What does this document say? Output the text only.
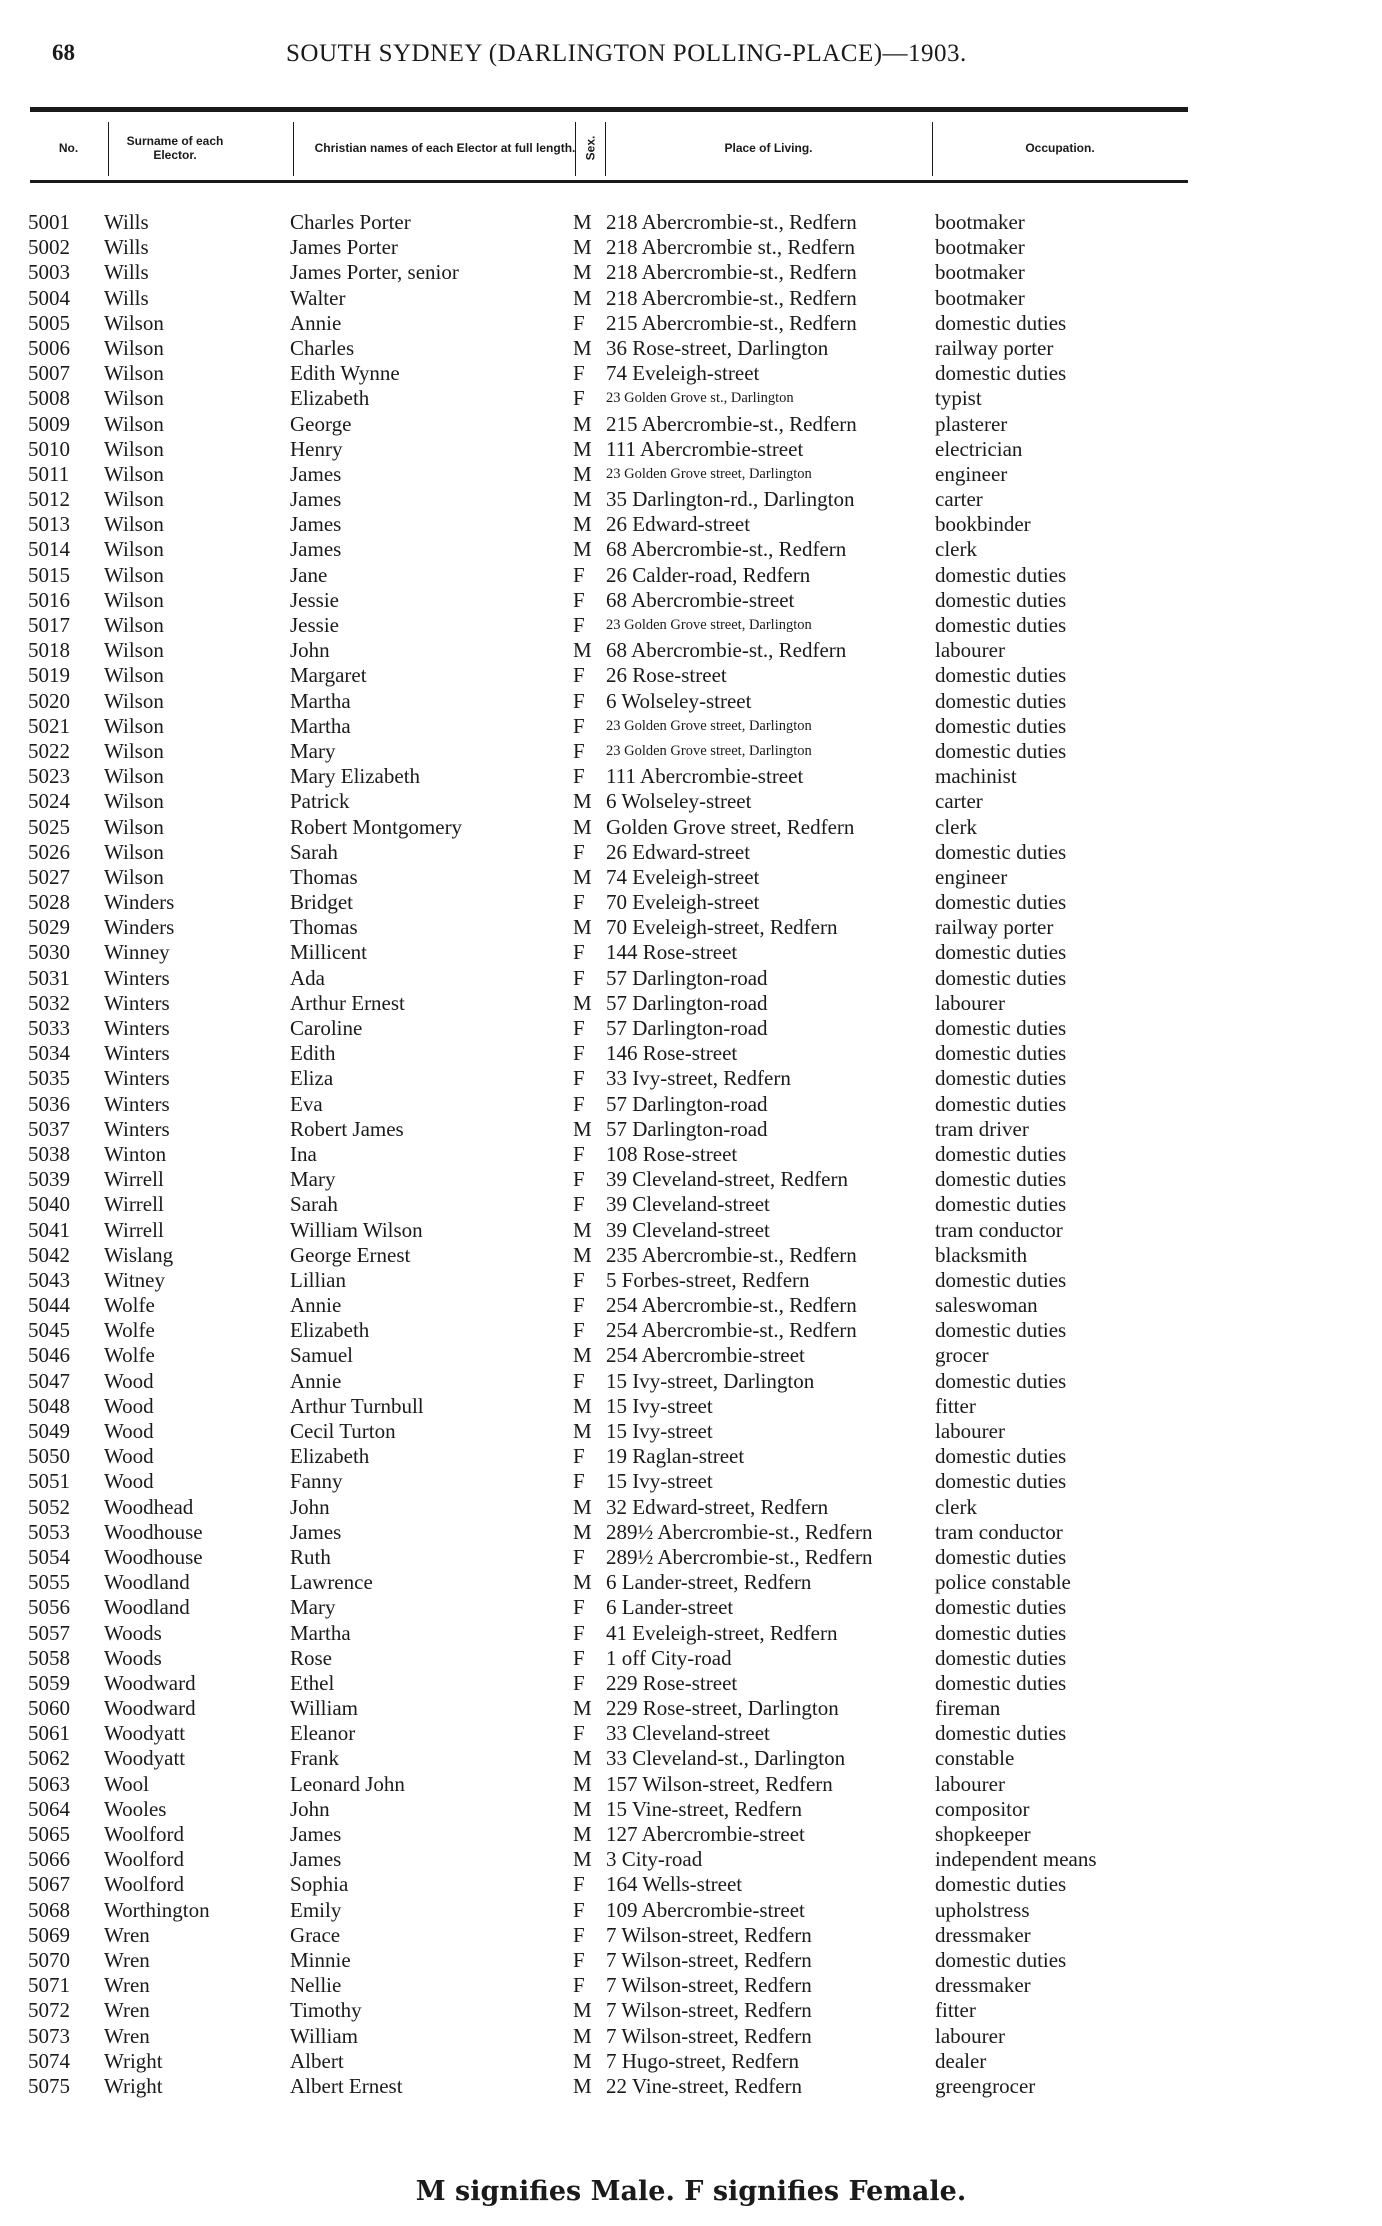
68	SOUTH SYDNEY (DARLINGTON POLLING-PLACE)—1903.
No.	Surname of each Elector.	Christian names of each Elector at full length. Sex.	Place of Living.	Occupation.
5001 Wills	Charles Porter	M 218 Abercrombie-st., Redfern	bootmaker
5002 Wills	James Porter	M 218 Abercrombie st., Redfern	bootmaker
5003 Wills	James Porter, senior	M 218 Abercrombie-st., Redfern	bootmaker
5004 Wills	Walter	M 218 Abercrombie-st., Redfern	bootmaker
5005 Wilson	Annie	F 215 Abercrombie-st., Redfern	domestic duties
5006 Wilson	Charles	M 36 Rose-street, Darlington	railway porter
5007 Wilson	Edith Wynne	F 74 Eveleigh-street	domestic duties
5008 Wilson	Elizabeth	F 23 Golden Grove st., Darlington	typist
5009 Wilson	George	M 215 Abercrombie-st., Redfern	plasterer
5010 Wilson	Henry	M 111 Abercrombie-street	electrician
5011 Wilson	James	M 23 Golden Grove street, Darlington	engineer
5012 Wilson	James	M 35 Darlington-rd., Darlington	carter
5013 Wilson	James	M 26 Edward-street	bookbinder
5014 Wilson	James	M 68 Abercrombie-st., Redfern	clerk
5015 Wilson	Jane	F 26 Calder-road, Redfern	domestic duties
5016 Wilson	Jessie	F 68 Abercrombie-street	domestic duties
5017 Wilson	Jessie	F 23 Golden Grove street, Darlington	domestic duties
5018 Wilson	John	M 68 Abercrombie-st., Redfern	labourer
5019 Wilson	Margaret	F 26 Rose-street	domestic duties
5020 Wilson	Martha	F 6 Wolseley-street	domestic duties
5021 Wilson	Martha	F 23 Golden Grove street, Darlington	domestic duties
5022 Wilson	Mary	F 23 Golden Grove street, Darlington	domestic duties
5023 Wilson	Mary Elizabeth	F 111 Abercrombie-street	machinist
5024 Wilson	Patrick	M 6 Wolseley-street	carter
5025 Wilson	Robert Montgomery	M Golden Grove street, Redfern	clerk
5026 Wilson	Sarah	F 26 Edward-street	domestic duties
5027 Wilson	Thomas	M 74 Eveleigh-street	engineer
5028 Winders	Bridget	F 70 Eveleigh-street	domestic duties
5029 Winders	Thomas	M 70 Eveleigh-street, Redfern	railway porter
5030 Winney	Millicent	F 144 Rose-street	domestic duties
5031 Winters	Ada	F 57 Darlington-road	domestic duties
5032 Winters	Arthur Ernest	M 57 Darlington-road	labourer
5033 Winters	Caroline	F 57 Darlington-road	domestic duties
5034 Winters	Edith	F 146 Rose-street	domestic duties
5035 Winters	Eliza	F 33 Ivy-street, Redfern	domestic duties
5036 Winters	Eva	F 57 Darlington-road	domestic duties
5037 Winters	Robert James	M 57 Darlington-road	tram driver
5038 Winton	Ina	F 108 Rose-street	domestic duties
5039 Wirrell	Mary	F 39 Cleveland-street, Redfern	domestic duties
5040 Wirrell	Sarah	F 39 Cleveland-street	domestic duties
5041 Wirrell	William Wilson	M 39 Cleveland-street	tram conductor
5042 Wislang	George Ernest	M 235 Abercrombie-st., Redfern	blacksmith
5043 Witney	Lillian	F 5 Forbes-street, Redfern	domestic duties
5044 Wolfe	Annie	F 254 Abercrombie-st., Redfern	saleswoman
5045 Wolfe	Elizabeth	F 254 Abercrombie-st., Redfern	domestic duties
5046 Wolfe	Samuel	M 254 Abercrombie-street	grocer
5047 Wood	Annie	F 15 Ivy-street, Darlington	domestic duties
5048 Wood	Arthur Turnbull	M 15 Ivy-street	fitter
5049 Wood	Cecil Turton	M 15 Ivy-street	labourer
5050 Wood	Elizabeth	F 19 Raglan-street	domestic duties
5051 Wood	Fanny	F 15 Ivy-street	domestic duties
5052 Woodhead	John	M 32 Edward-street, Redfern	clerk
5053 Woodhouse	James	M 289½ Abercrombie-st., Redfern	tram conductor
5054 Woodhouse	Ruth	F 289½ Abercrombie-st., Redfern	domestic duties
5055 Woodland	Lawrence	M 6 Lander-street, Redfern	police constable
5056 Woodland	Mary	F 6 Lander-street	domestic duties
5057 Woods	Martha	F 41 Eveleigh-street, Redfern	domestic duties
5058 Woods	Rose	F 1 off City-road	domestic duties
5059 Woodward	Ethel	F 229 Rose-street	domestic duties
5060 Woodward	William	M 229 Rose-street, Darlington	fireman
5061 Woodyatt	Eleanor	F 33 Cleveland-street	domestic duties
5062 Woodyatt	Frank	M 33 Cleveland-st., Darlington	constable
5063 Wool	Leonard John	M 157 Wilson-street, Redfern	labourer
5064 Wooles	John	M 15 Vine-street, Redfern	compositor
5065 Woolford	James	M 127 Abercrombie-street	shopkeeper
5066 Woolford	James	M 3 City-road	independent means
5067 Woolford	Sophia	F 164 Wells-street	domestic duties
5068 Worthington	Emily	F 109 Abercrombie-street	upholstress
5069 Wren	Grace	F 7 Wilson-street, Redfern	dressmaker
5070 Wren	Minnie	F 7 Wilson-street, Redfern	domestic duties
5071 Wren	Nellie	F 7 Wilson-street, Redfern	dressmaker
5072 Wren	Timothy	M 7 Wilson-street, Redfern	fitter
5073 Wren	William	M 7 Wilson-street, Redfern	labourer
5074 Wright	Albert	M 7 Hugo-street, Redfern	dealer
5075 Wright	Albert Ernest	M 22 Vine-street, Redfern	greengrocer
M signifies Male. F signifies Female.
